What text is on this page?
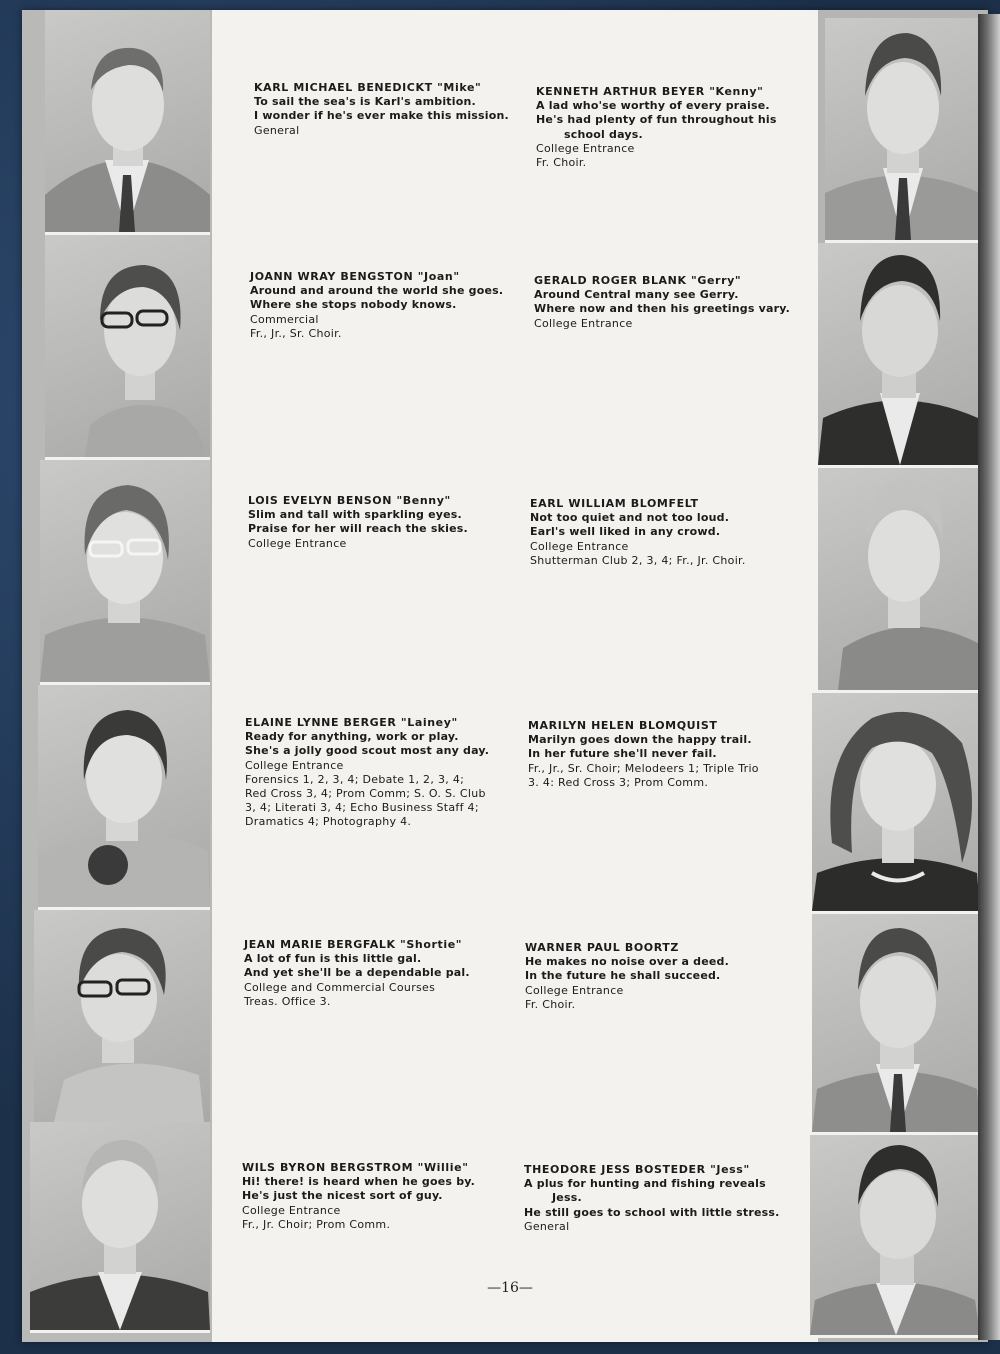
KARL MICHAEL BENEDICKT "Mike"
To sail the sea's is Karl's ambition.
I wonder if he's ever make this mission.
General
JOANN WRAY BENGSTON "Joan"
Around and around the world she goes.
Where she stops nobody knows.
Commercial
Fr., Jr., Sr. Choir.
LOIS EVELYN BENSON "Benny"
Slim and tall with sparkling eyes.
Praise for her will reach the skies.
College Entrance
ELAINE LYNNE BERGER "Lainey"
Ready for anything, work or play.
She's a jolly good scout most any day.
College Entrance
Forensics 1, 2, 3, 4; Debate 1, 2, 3, 4;
Red Cross 3, 4; Prom Comm; S. O. S. Club
3, 4; Literati 3, 4; Echo Business Staff 4;
Dramatics 4; Photography 4.
JEAN MARIE BERGFALK "Shortie"
A lot of fun is this little gal.
And yet she'll be a dependable pal.
College and Commercial Courses
Treas. Office 3.
WILS BYRON BERGSTROM "Willie"
Hi! there! is heard when he goes by.
He's just the nicest sort of guy.
College Entrance
Fr., Jr. Choir; Prom Comm.
KENNETH ARTHUR BEYER "Kenny"
A lad who'se worthy of every praise.
He's had plenty of fun throughout his
school days.
College Entrance
Fr. Choir.
GERALD ROGER BLANK "Gerry"
Around Central many see Gerry.
Where now and then his greetings vary.
College Entrance
EARL WILLIAM BLOMFELT
Not too quiet and not too loud.
Earl's well liked in any crowd.
College Entrance
Shutterman Club 2, 3, 4; Fr., Jr. Choir.
MARILYN HELEN BLOMQUIST
Marilyn goes down the happy trail.
In her future she'll never fail.
Fr., Jr., Sr. Choir; Melodeers 1; Triple Trio
3. 4: Red Cross 3; Prom Comm.
WARNER PAUL BOORTZ
He makes no noise over a deed.
In the future he shall succeed.
College Entrance
Fr. Choir.
THEODORE JESS BOSTEDER "Jess"
A plus for hunting and fishing reveals
Jess.
He still goes to school with little stress.
General
—16—
